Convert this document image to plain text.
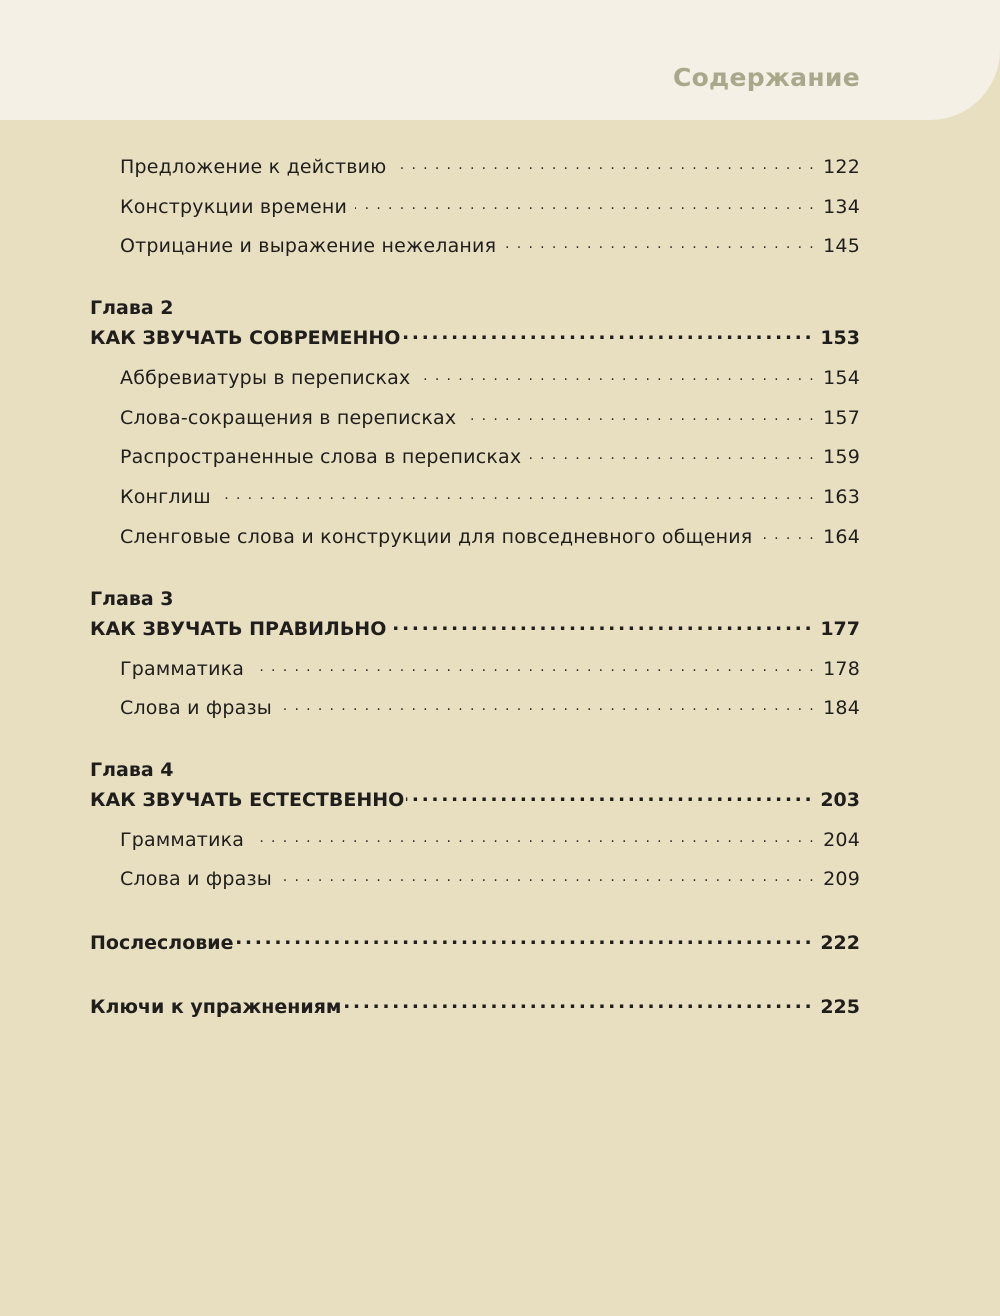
Содержание
Предложение к действию . . .	122
Конструкции времени . . .	134
Отрицание и выражение нежелания . . .	145
Глава 2
КАК ЗВУЧАТЬ СОВРЕМЕННО .....	153
Аббревиатуры в переписках . . .	154
Слова-сокращения в переписках . . .	157
Распространенные слова в переписках . . .	159
Конглиш . . .	163
Сленговые слова и конструкции для повседневного общения . . .	164
Глава 3
КАК ЗВУЧАТЬ ПРАВИЛЬНО .....	177
Грамматика . . .	178
Слова и фразы . . .	184
Глава 4
КАК ЗВУЧАТЬ ЕСТЕСТВЕННО .....	203
Грамматика . . .	204
Слова и фразы . . .	209
Послесловие .....	222
Ключи к упражнениям .....	225
